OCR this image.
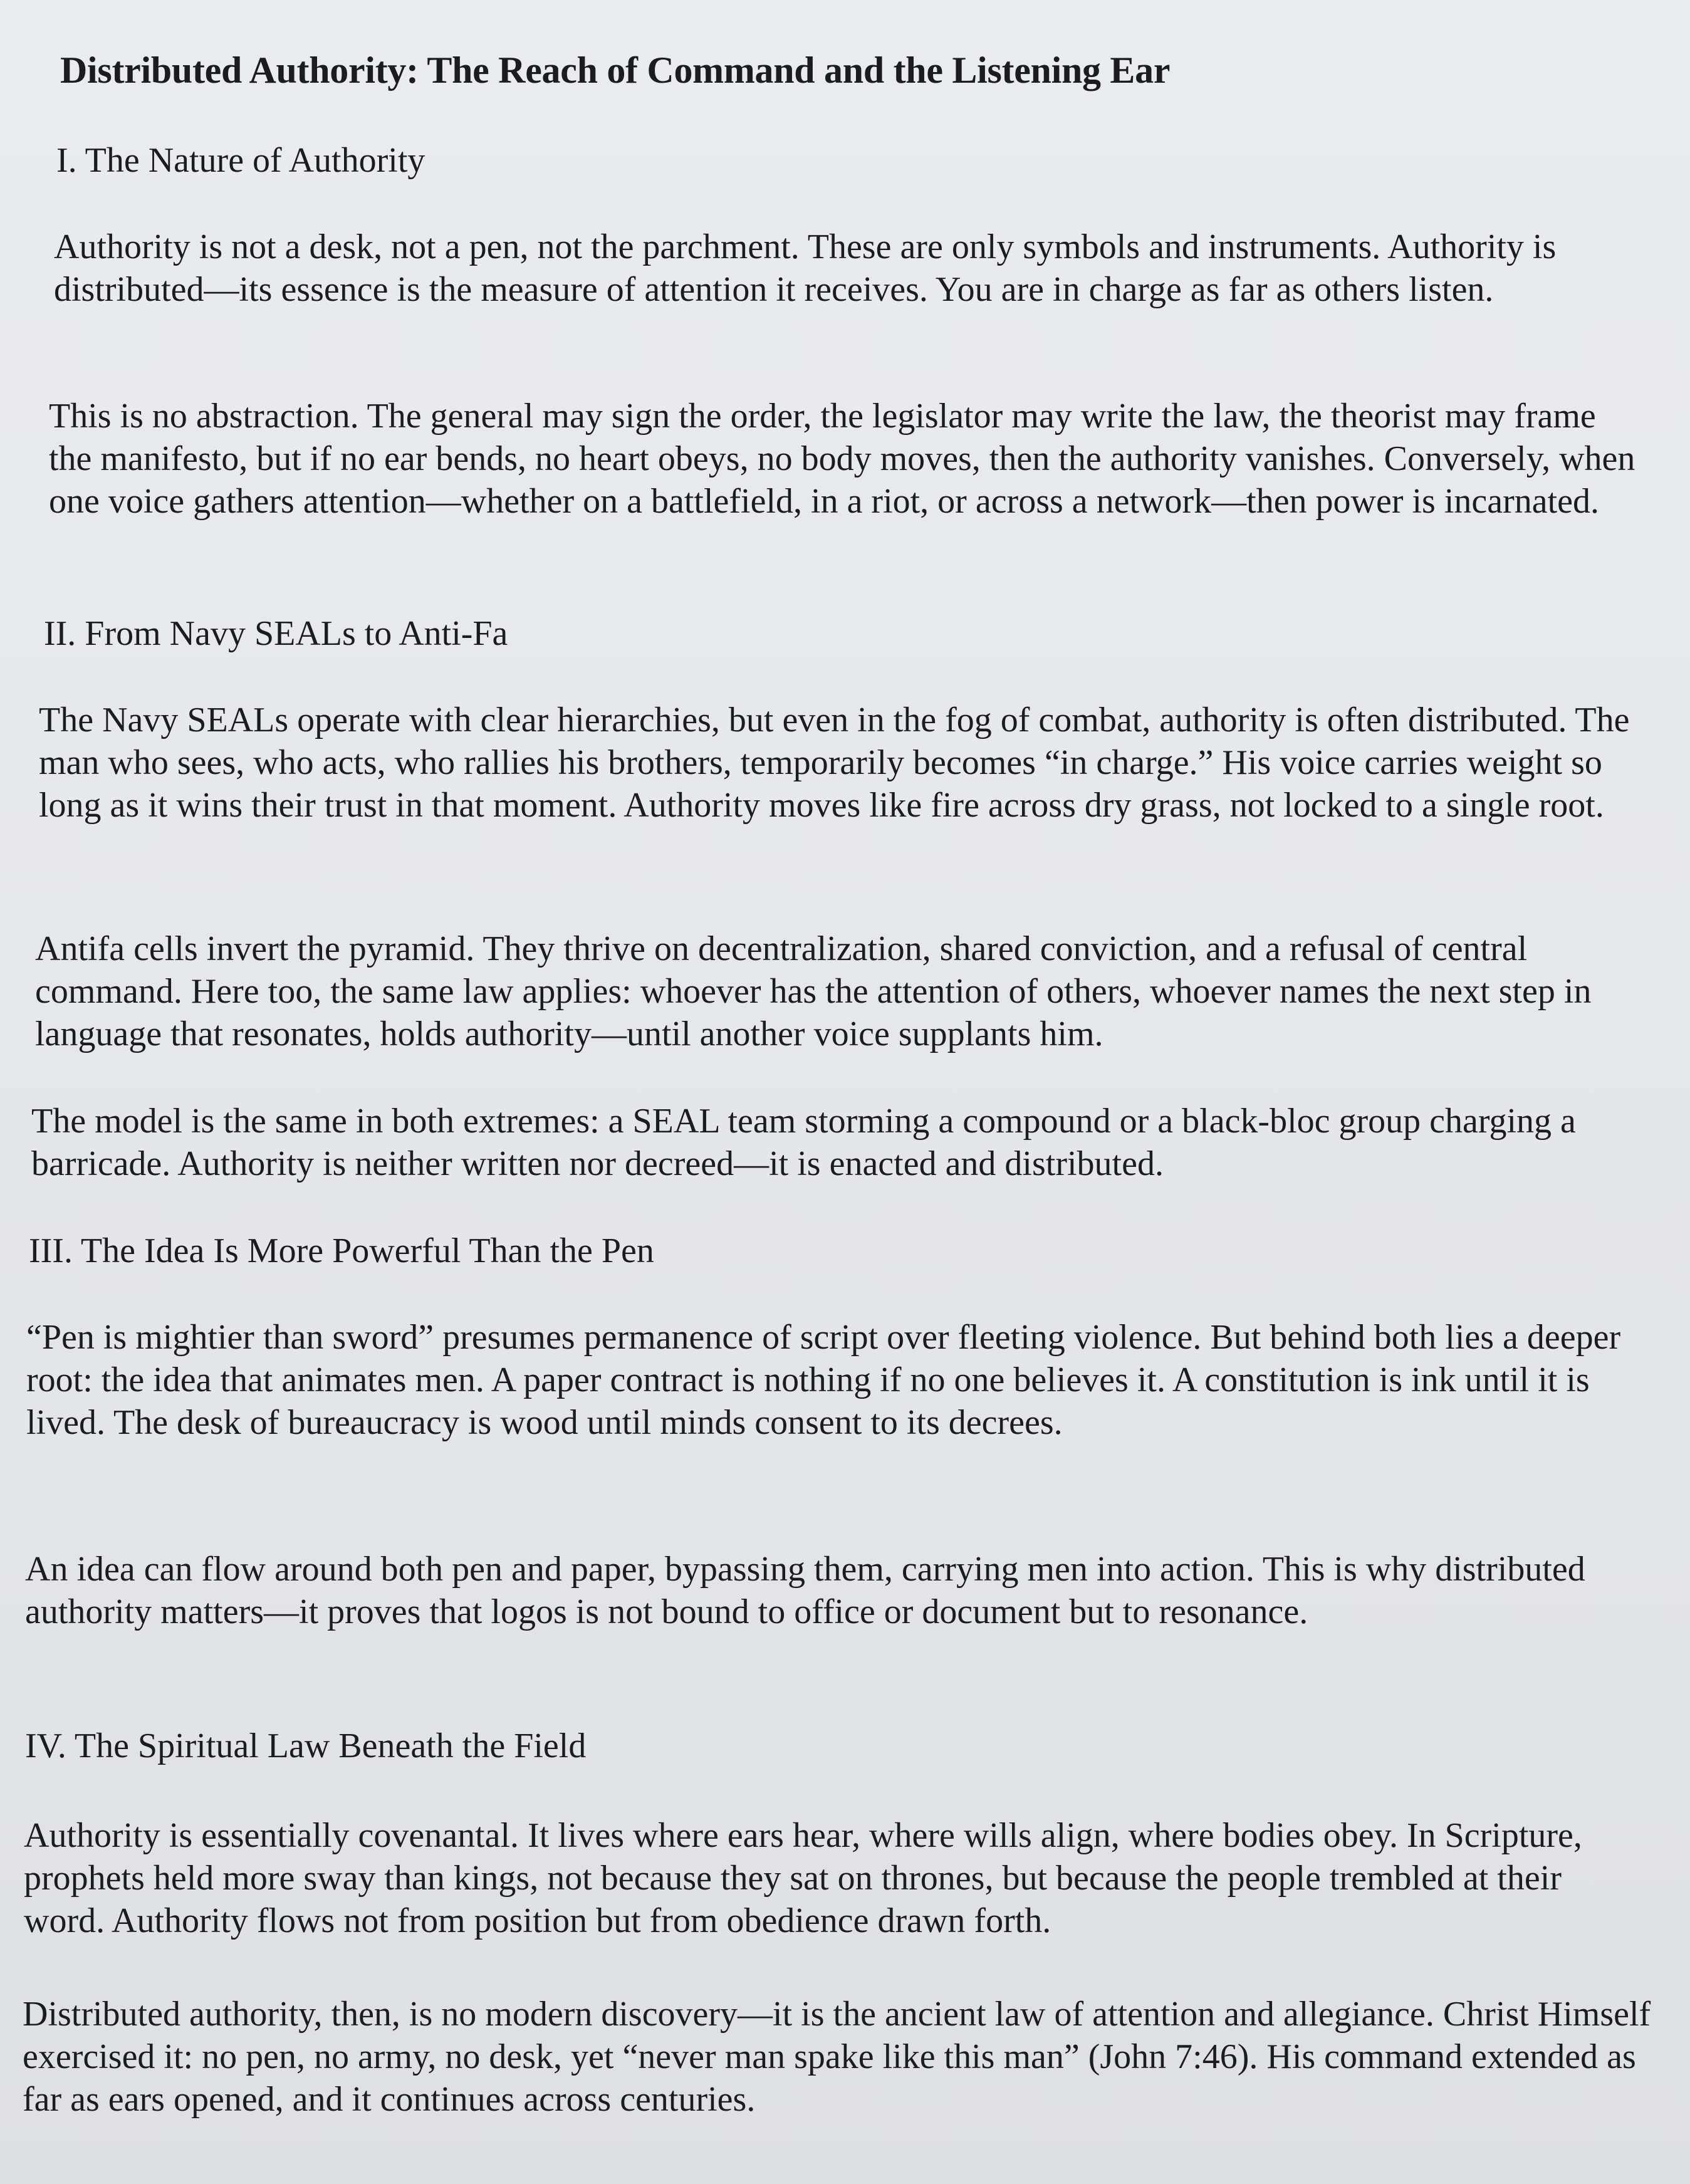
Distributed Authority: The Reach of Command and the Listening Ear
I. The Nature of Authority

Authority is not a desk, not a pen, not the parchment. These are only symbols and instruments. Authority is distributed—its essence is the measure of attention it receives. You are in charge as far as others listen.

This is no abstraction. The general may sign the order, the legislator may write the law, the theorist may frame the manifesto, but if no ear bends, no heart obeys, no body moves, then the authority vanishes. Conversely, when one voice gathers attention—whether on a battlefield, in a riot, or across a network—then power is incarnated.

II. From Navy SEALs to Anti-Fa

The Navy SEALs operate with clear hierarchies, but even in the fog of combat, authority is often distributed. The man who sees, who acts, who rallies his brothers, temporarily becomes “in charge.” His voice carries weight so long as it wins their trust in that moment. Authority moves like fire across dry grass, not locked to a single root.

Antifa cells invert the pyramid. They thrive on decentralization, shared conviction, and a refusal of central command. Here too, the same law applies: whoever has the attention of others, whoever names the next step in language that resonates, holds authority—until another voice supplants him.

The model is the same in both extremes: a SEAL team storming a compound or a black-bloc group charging a barricade. Authority is neither written nor decreed—it is enacted and distributed.

III. The Idea Is More Powerful Than the Pen

“Pen is mightier than sword” presumes permanence of script over fleeting violence. But behind both lies a deeper root: the idea that animates men. A paper contract is nothing if no one believes it. A constitution is ink until it is lived. The desk of bureaucracy is wood until minds consent to its decrees.

An idea can flow around both pen and paper, bypassing them, carrying men into action. This is why distributed authority matters—it proves that logos is not bound to office or document but to resonance.

IV. The Spiritual Law Beneath the Field

Authority is essentially covenantal. It lives where ears hear, where wills align, where bodies obey. In Scripture, prophets held more sway than kings, not because they sat on thrones, but because the people trembled at their word. Authority flows not from position but from obedience drawn forth.

Distributed authority, then, is no modern discovery—it is the ancient law of attention and allegiance. Christ Himself exercised it: no pen, no army, no desk, yet “never man spake like this man” (John 7:46). His command extended as far as ears opened, and it continues across centuries.
